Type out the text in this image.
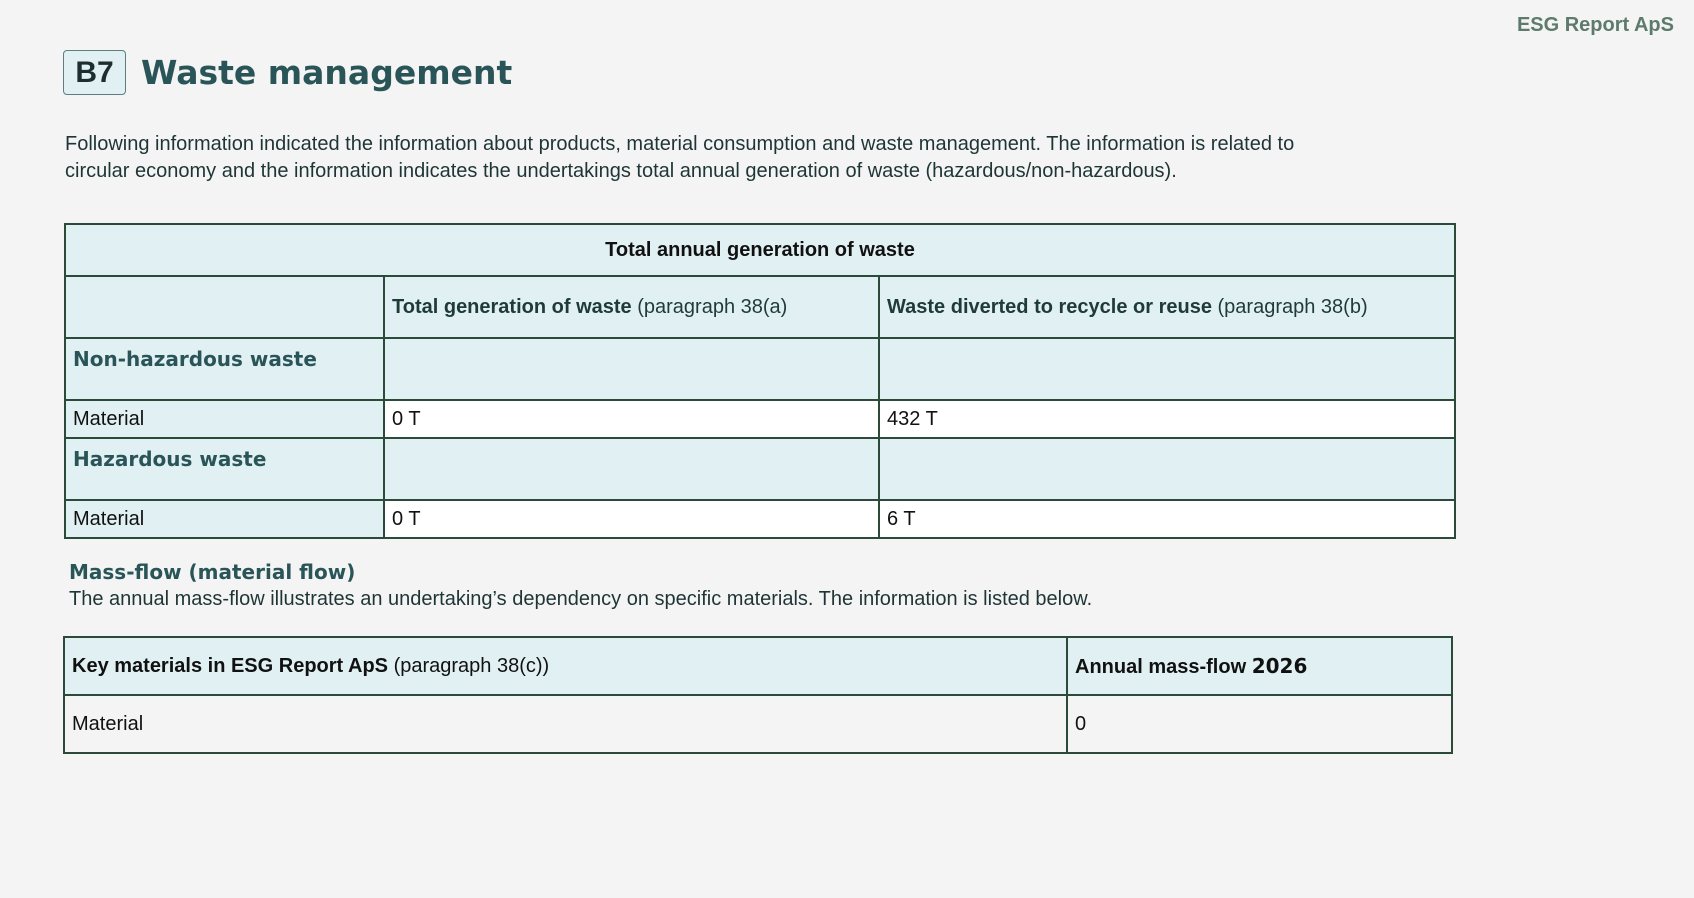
ESG Report ApS
B7 Waste management

Following information indicated the information about products, material consumption and waste management. The information is related to circular economy and the information indicates the undertakings total annual generation of waste (hazardous/non-hazardous).

Total annual generation of waste		
	Total generation of waste (paragraph 38(a)	Waste diverted to recycle or reuse (paragraph 38(b)
Non-hazardous waste		
Material	0 T	432 T
Hazardous waste		
Material	0 T	6 T
Mass-flow (material flow)

The annual mass-flow illustrates an undertaking’s dependency on specific materials. The information is listed below.

Key materials in ESG Report ApS (paragraph 38(c))	Annual mass-flow 2026
Material	0
